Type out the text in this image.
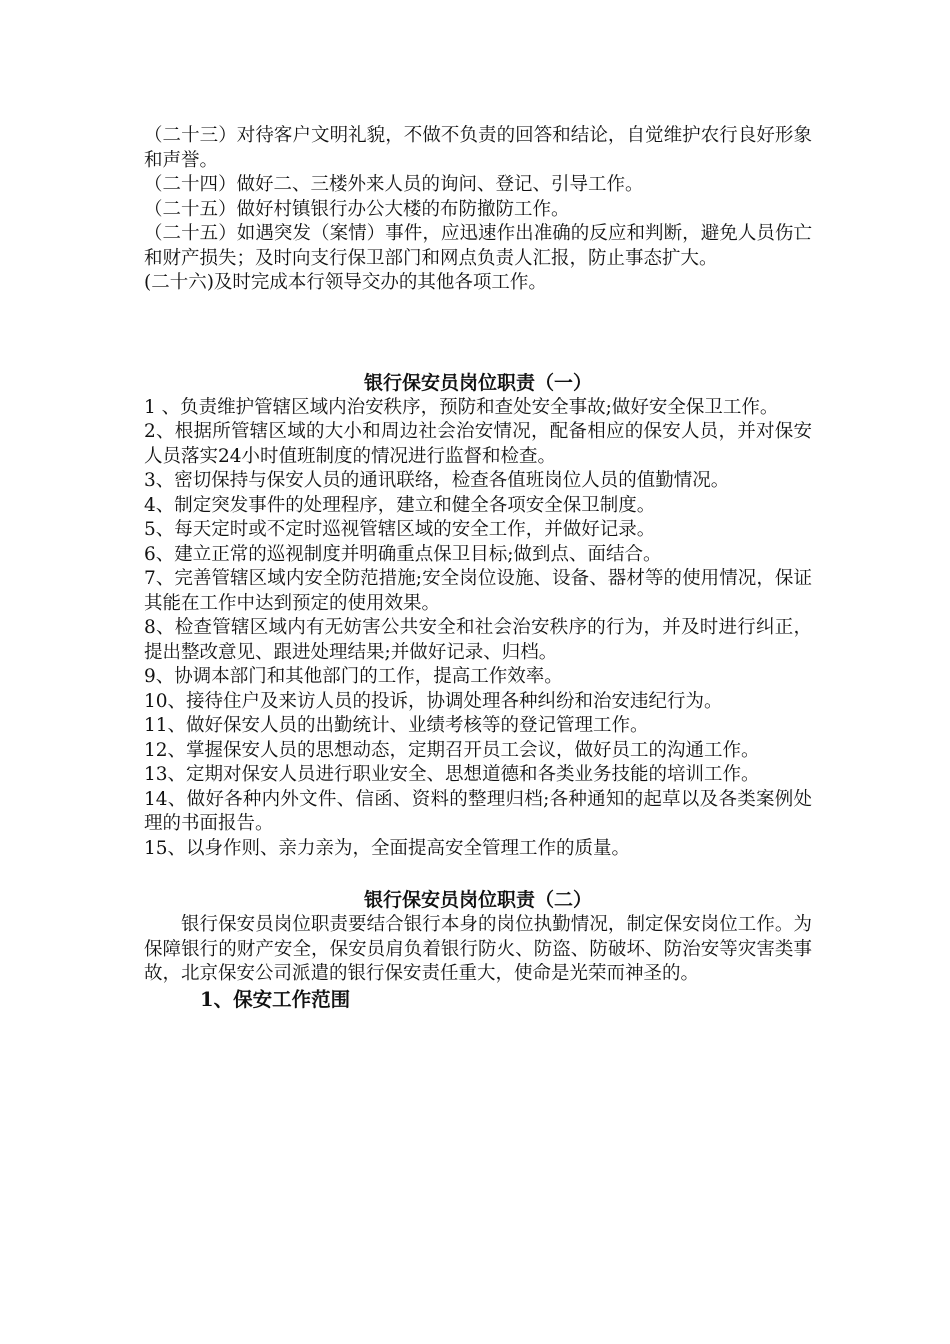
（二十三）对待客户文明礼貌，不做不负责的回答和结论，自觉维护农行良好形象和声誉。

（二十四）做好二、三楼外来人员的询问、登记、引导工作。

（二十五）做好村镇银行办公大楼的布防撤防工作。

（二十五）如遇突发（案情）事件，应迅速作出准确的反应和判断，避免人员伤亡和财产损失；及时向支行保卫部门和网点负责人汇报，防止事态扩大。

(二十六)及时完成本行领导交办的其他各项工作。

银行保安员岗位职责（一）

1 、负责维护管辖区域内治安秩序，预防和查处安全事故;做好安全保卫工作。

2、根据所管辖区域的大小和周边社会治安情况，配备相应的保安人员，并对保安人员落实24小时值班制度的情况进行监督和检查。

3、密切保持与保安人员的通讯联络，检查各值班岗位人员的值勤情况。

4、制定突发事件的处理程序，建立和健全各项安全保卫制度。

5、每天定时或不定时巡视管辖区域的安全工作，并做好记录。

6、建立正常的巡视制度并明确重点保卫目标;做到点、面结合。

7、完善管辖区域内安全防范措施;安全岗位设施、设备、器材等的使用情况，保证其能在工作中达到预定的使用效果。

8、检查管辖区域内有无妨害公共安全和社会治安秩序的行为，并及时进行纠正，提出整改意见、跟进处理结果;并做好记录、归档。

9、协调本部门和其他部门的工作，提高工作效率。

10、接待住户及来访人员的投诉，协调处理各种纠纷和治安违纪行为。

11、做好保安人员的出勤统计、业绩考核等的登记管理工作。

12、掌握保安人员的思想动态，定期召开员工会议，做好员工的沟通工作。

13、定期对保安人员进行职业安全、思想道德和各类业务技能的培训工作。

14、做好各种内外文件、信函、资料的整理归档;各种通知的起草以及各类案例处理的书面报告。

15、以身作则、亲力亲为，全面提高安全管理工作的质量。

银行保安员岗位职责（二）

银行保安员岗位职责要结合银行本身的岗位执勤情况，制定保安岗位工作。为保障银行的财产安全，保安员肩负着银行防火、防盗、防破坏、防治安等灾害类事故，北京保安公司派遣的银行保安责任重大，使命是光荣而神圣的。

1、保安工作范围
